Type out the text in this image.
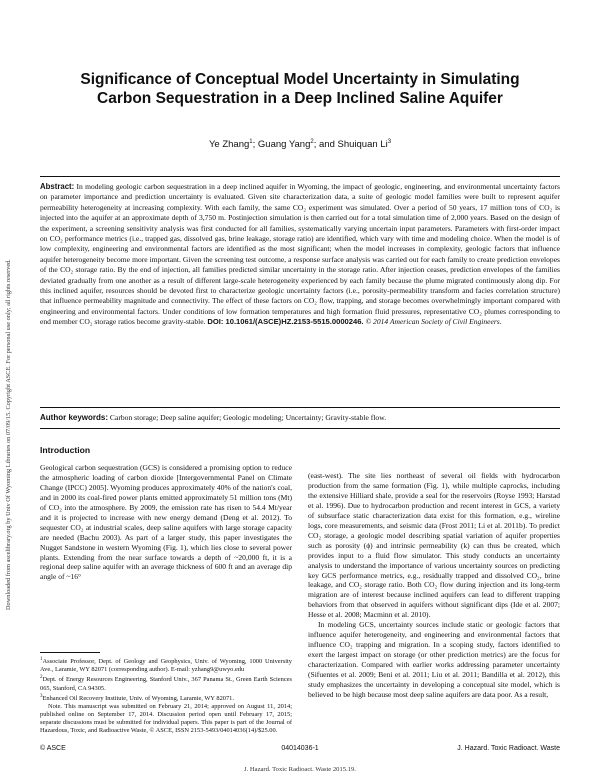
Downloaded from ascelibrary.org by Univ Of Wyoming Libraries on 07/09/15. Copyright ASCE. For personal use only; all rights reserved.
Significance of Conceptual Model Uncertainty in Simulating Carbon Sequestration in a Deep Inclined Saline Aquifer
Ye Zhang$^1$; Guang Yang$^2$; and Shuiquan Li$^3$
Abstract: In modeling geologic carbon sequestration in a deep inclined aquifer in Wyoming, the impact of geologic, engineering, and environmental uncertainty factors on parameter importance and prediction uncertainty is evaluated. Given site characterization data, a suite of geologic model families were built to represent aquifer permeability heterogeneity at increasing complexity. With each family, the same CO₂ experiment was simulated. Over a period of 50 years, 17 million tons of CO₂ is injected into the aquifer at an approximate depth of 3,750 m. Postinjection simulation is then carried out for a total simulation time of 2,000 years. Based on the design of the experiment, a screening sensitivity analysis was first conducted for all families, systematically varying uncertain input parameters. Parameters with first-order impact on CO₂ performance metrics (i.e., trapped gas, dissolved gas, brine leakage, storage ratio) are identified, which vary with time and modeling choice. When the model is of low complexity, engineering and environmental factors are identified as the most significant; when the model increases in complexity, geologic factors that influence aquifer heterogeneity become more important. Given the screening test outcome, a response surface analysis was carried out for each family to create prediction envelopes of the CO₂ storage ratio. By the end of injection, all families predicted similar uncertainty in the storage ratio. After injection ceases, prediction envelopes of the families deviated gradually from one another as a result of different large-scale heterogeneity experienced by each family because the plume migrated continuously along dip. For this inclined aquifer, resources should be devoted first to characterize geologic uncertainty factors (i.e., porosity-permeability transform and facies correlation structure) that influence permeability magnitude and connectivity. The effect of these factors on CO₂ flow, trapping, and storage becomes overwhelmingly important compared with engineering and environmental factors. Under conditions of low formation temperatures and high formation fluid pressures, representative CO₂ plumes corresponding to end member CO₂ storage ratios become gravity-stable. DOI: 10.1061/(ASCE)HZ.2153-5515.0000246. © 2014 American Society of Civil Engineers.
Author keywords: Carbon storage; Deep saline aquifer; Geologic modeling; Uncertainty; Gravity-stable flow.
Introduction

Geological carbon sequestration (GCS) is considered a promising option to reduce the atmospheric loading of carbon dioxide [Intergovernmental Panel on Climate Change (IPCC) 2005]. Wyoming produces approximately 40% of the nation's coal, and in 2000 its coal-fired power plants emitted approximately 51 million tons (Mt) of CO₂ into the atmosphere. By 2009, the emission rate has risen to 54.4 Mt/year and it is projected to increase with new energy demand (Deng et al. 2012). To sequester CO₂ at industrial scales, deep saline aquifers with large storage capacity are needed (Bachu 2003). As part of a larger study, this paper investigates the Nugget Sandstone in western Wyoming (Fig. 1), which lies close to several power plants. Extending from the near surface towards a depth of ~20,000 ft, it is a regional deep saline aquifer with an average thickness of 600 ft and an average dip angle of ~16°

(east-west). The site lies northeast of several oil fields with hydrocarbon production from the same formation (Fig. 1), while multiple caprocks, including the extensive Hilliard shale, provide a seal for the reservoirs (Royse 1993; Harstad et al. 1996). Due to hydrocarbon production and recent interest in GCS, a variety of subsurface static characterization data exist for this formation, e.g., wireline logs, core measurements, and seismic data (Frost 2011; Li et al. 2011b). To predict CO₂ storage, a geologic model describing spatial variation of aquifer properties such as porosity (ϕ) and intrinsic permeability (k) can thus be created, which provides input to a fluid flow simulator. This study conducts an uncertainty analysis to understand the importance of various uncertainty sources on predicting key GCS performance metrics, e.g., residually trapped and dissolved CO₂, brine leakage, and CO₂ storage ratio. Both CO₂ flow during injection and its long-term migration are of interest because inclined aquifers can lead to different trapping behaviors from that observed in aquifers without significant dips (Ide et al. 2007; Hesse et al. 2008; Macminn et al. 2010).

In modeling GCS, uncertainty sources include static or geologic factors that influence aquifer heterogeneity, and engineering and environmental factors that influence CO₂ trapping and migration. In a scoping study, factors identified to exert the largest impact on storage (or other prediction metrics) are the focus for characterization. Compared with earlier works addressing parameter uncertainty (Sifuentes et al. 2009; Beni et al. 2011; Liu et al. 2011; Bandilla et al. 2012), this study emphasizes the uncertainty in developing a conceptual site model, which is believed to be high because most deep saline aquifers are data poor. As a result,

$^1$Associate Professor, Dept. of Geology and Geophysics, Univ. of Wyoming, 1000 University Ave., Laramie, WY 82071 (corresponding author). E-mail: yzhang9@uwyo.edu

$^2$Dept. of Energy Resources Engineering, Stanford Univ., 367 Panama St., Green Earth Sciences 065, Stanford, CA 94305.

$^3$Enhanced Oil Recovery Institute, Univ. of Wyoming, Laramie, WY 82071.

Note. This manuscript was submitted on February 21, 2014; approved on August 11, 2014; published online on September 17, 2014. Discussion period open until February 17, 2015; separate discussions must be submitted for individual papers. This paper is part of the Journal of Hazardous, Toxic, and Radioactive Waste, © ASCE, ISSN 2153-5493/04014036(14)/$25.00.

© ASCE	04014036-1	J. Hazard. Toxic Radioact. Waste
J. Hazard. Toxic Radioact. Waste 2015.19.
